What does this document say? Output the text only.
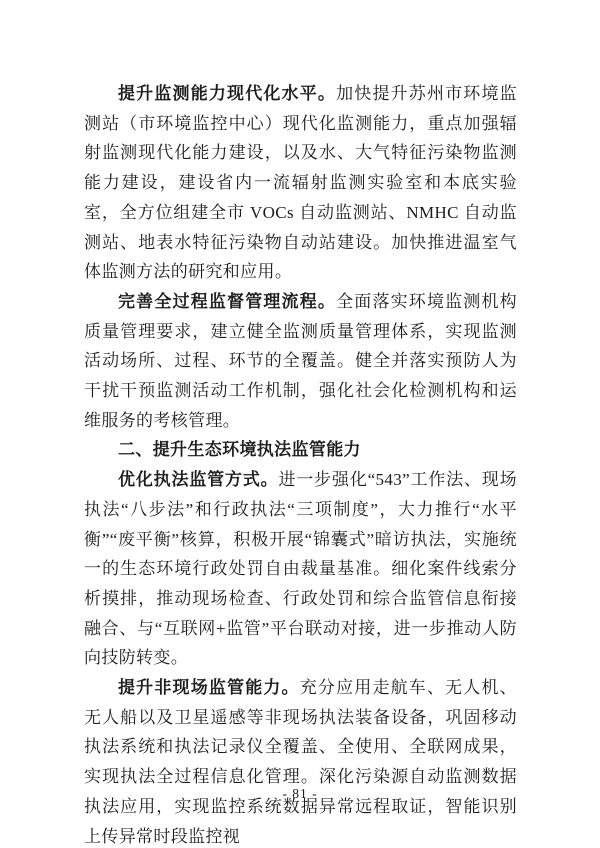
提升监测能力现代化水平。加快提升苏州市环境监测站（市环境监控中心）现代化监测能力，重点加强辐射监测现代化能力建设，以及水、大气特征污染物监测能力建设，建设省内一流辐射监测实验室和本底实验室，全方位组建全市 VOCs 自动监测站、NMHC 自动监测站、地表水特征污染物自动站建设。加快推进温室气体监测方法的研究和应用。

完善全过程监督管理流程。全面落实环境监测机构质量管理要求，建立健全监测质量管理体系，实现监测活动场所、过程、环节的全覆盖。健全并落实预防人为干扰干预监测活动工作机制，强化社会化检测机构和运维服务的考核管理。

二、提升生态环境执法监管能力

优化执法监管方式。进一步强化“543”工作法、现场执法“八步法”和行政执法“三项制度”，大力推行“水平衡”“废平衡”核算，积极开展“锦囊式”暗访执法，实施统一的生态环境行政处罚自由裁量基准。细化案件线索分析摸排，推动现场检查、行政处罚和综合监管信息衔接融合、与“互联网+监管”平台联动对接，进一步推动人防向技防转变。

提升非现场监管能力。充分应用走航车、无人机、无人船以及卫星遥感等非现场执法装备设备，巩固移动执法系统和执法记录仪全覆盖、全使用、全联网成果，实现执法全过程信息化管理。深化污染源自动监测数据执法应用，实现监控系统数据异常远程取证，智能识别上传异常时段监控视

- 81 -
